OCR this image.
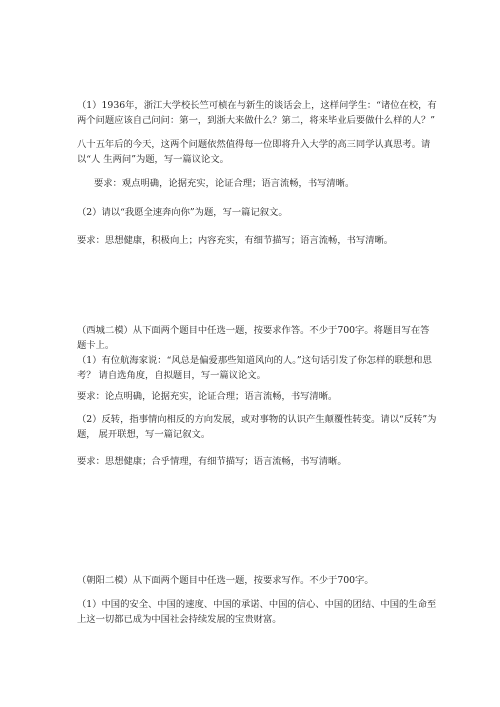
（1）1936年，浙江大学校长竺可桢在与新生的谈话会上，这样问学生：“诸位在校，有两个问题应该自己问问：第一，到浙大来做什么？第二，将来毕业后要做什么样的人？”

八十五年后的今天，这两个问题依然值得每一位即将升入大学的高三同学认真思考。请以“人 生两问”为题，写一篇议论文。

要求：观点明确，论据充实，论证合理；语言流畅，书写清晰。

（2）请以“我愿全速奔向你”为题，写一篇记叙文。

要求：思想健康，积极向上；内容充实，有细节描写；语言流畅，书写清晰。

（西城二模）从下面两个题目中任选一题，按要求作答。不少于700字。将题目写在答题卡上。

（1）有位航海家说：“风总是偏爱那些知道风向的人。”这句话引发了你怎样的联想和思考？ 请自选角度，自拟题目，写一篇议论文。

要求：论点明确，论据充实，论证合理；语言流畅，书写清晰。

（2）反转，指事情向相反的方向发展，或对事物的认识产生颠覆性转变。请以“反转”为题， 展开联想，写一篇记叙文。

要求：思想健康；合乎情理，有细节描写；语言流畅，书写清晰。

（朝阳二模）从下面两个题目中任选一题，按要求写作。不少于700字。

（1）中国的安全、中国的速度、中国的承诺、中国的信心、中国的团结、中国的生命至上这一切都已成为中国社会持续发展的宝贵财富。
